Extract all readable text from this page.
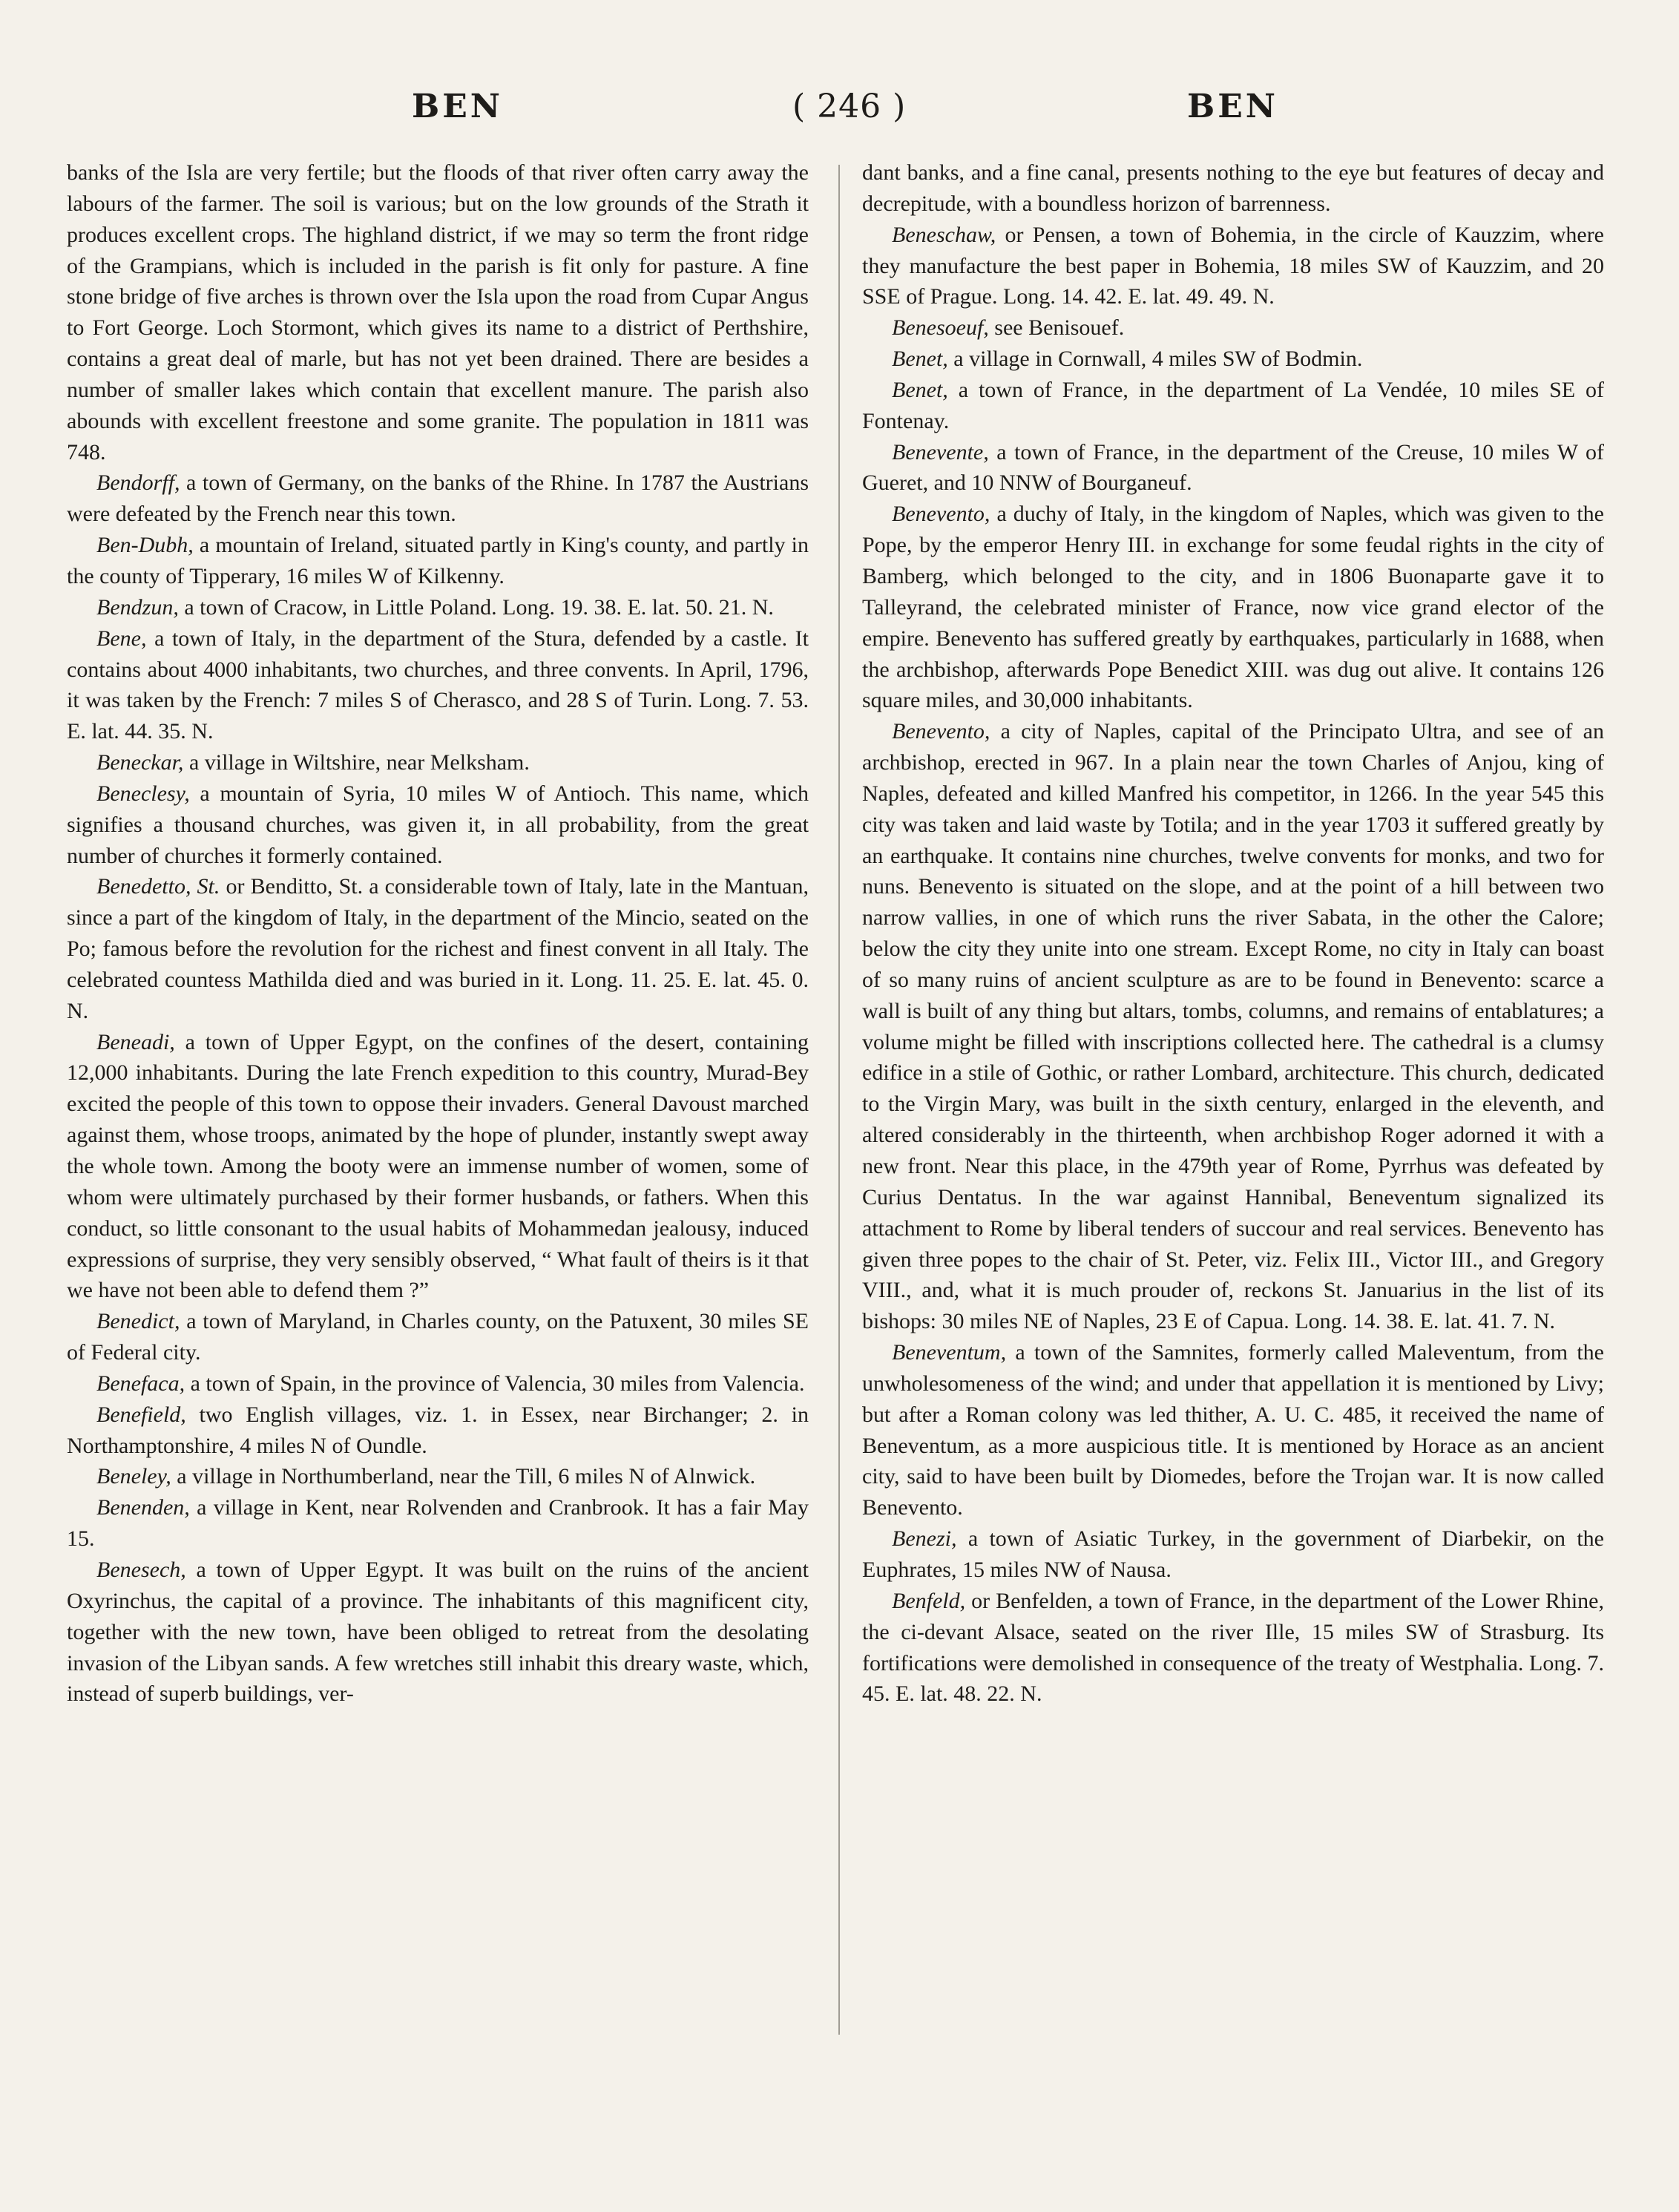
BEN	( 246 )	BEN

banks of the Isla are very fertile; but the floods of that river often carry away the labours of the farmer. The soil is various; but on the low grounds of the Strath it produces excellent crops. The highland district, if we may so term the front ridge of the Grampians, which is included in the parish is fit only for pasture. A fine stone bridge of five arches is thrown over the Isla upon the road from Cupar Angus to Fort George. Loch Stormont, which gives its name to a district of Perthshire, contains a great deal of marle, but has not yet been drained. There are besides a number of smaller lakes which contain that excellent manure. The parish also abounds with excellent freestone and some granite. The population in 1811 was 748.

Bendorff, a town of Germany, on the banks of the Rhine. In 1787 the Austrians were defeated by the French near this town.

Ben-Dubh, a mountain of Ireland, situated partly in King's county, and partly in the county of Tipperary, 16 miles W of Kilkenny.

Bendzun, a town of Cracow, in Little Poland. Long. 19. 38. E. lat. 50. 21. N.

Bene, a town of Italy, in the department of the Stura, defended by a castle. It contains about 4000 inhabitants, two churches, and three convents. In April, 1796, it was taken by the French: 7 miles S of Cherasco, and 28 S of Turin. Long. 7. 53. E. lat. 44. 35. N.

Beneckar, a village in Wiltshire, near Melksham.

Beneclesy, a mountain of Syria, 10 miles W of Antioch. This name, which signifies a thousand churches, was given it, in all probability, from the great number of churches it formerly contained.

Benedetto, St. or Benditto, St. a considerable town of Italy, late in the Mantuan, since a part of the kingdom of Italy, in the department of the Mincio, seated on the Po; famous before the revolution for the richest and finest convent in all Italy. The celebrated countess Mathilda died and was buried in it. Long. 11. 25. E. lat. 45. 0. N.

Beneadi, a town of Upper Egypt, on the confines of the desert, containing 12,000 inhabitants. During the late French expedition to this country, Murad-Bey excited the people of this town to oppose their invaders. General Davoust marched against them, whose troops, animated by the hope of plunder, instantly swept away the whole town. Among the booty were an immense number of women, some of whom were ultimately purchased by their former husbands, or fathers. When this conduct, so little consonant to the usual habits of Mohammedan jealousy, induced expressions of surprise, they very sensibly observed, “ What fault of theirs is it that we have not been able to defend them ?”

Benedict, a town of Maryland, in Charles county, on the Patuxent, 30 miles SE of Federal city.

Benefaca, a town of Spain, in the province of Valencia, 30 miles from Valencia.

Benefield, two English villages, viz. 1. in Essex, near Birchanger; 2. in Northamptonshire, 4 miles N of Oundle.

Beneley, a village in Northumberland, near the Till, 6 miles N of Alnwick.

Benenden, a village in Kent, near Rolvenden and Cranbrook. It has a fair May 15.

Benesech, a town of Upper Egypt. It was built on the ruins of the ancient Oxyrinchus, the capital of a province. The inhabitants of this magnificent city, together with the new town, have been obliged to retreat from the desolating invasion of the Libyan sands. A few wretches still inhabit this dreary waste, which, instead of superb buildings, ver-

dant banks, and a fine canal, presents nothing to the eye but features of decay and decrepitude, with a boundless horizon of barrenness.

Beneschaw, or Pensen, a town of Bohemia, in the circle of Kauzzim, where they manufacture the best paper in Bohemia, 18 miles SW of Kauzzim, and 20 SSE of Prague. Long. 14. 42. E. lat. 49. 49. N.

Benesoeuf, see Benisouef.

Benet, a village in Cornwall, 4 miles SW of Bodmin.

Benet, a town of France, in the department of La Vendée, 10 miles SE of Fontenay.

Benevente, a town of France, in the department of the Creuse, 10 miles W of Gueret, and 10 NNW of Bourganeuf.

Benevento, a duchy of Italy, in the kingdom of Naples, which was given to the Pope, by the emperor Henry III. in exchange for some feudal rights in the city of Bamberg, which belonged to the city, and in 1806 Buonaparte gave it to Talleyrand, the celebrated minister of France, now vice grand elector of the empire. Benevento has suffered greatly by earthquakes, particularly in 1688, when the archbishop, afterwards Pope Benedict XIII. was dug out alive. It contains 126 square miles, and 30,000 inhabitants.

Benevento, a city of Naples, capital of the Principato Ultra, and see of an archbishop, erected in 967. In a plain near the town Charles of Anjou, king of Naples, defeated and killed Manfred his competitor, in 1266. In the year 545 this city was taken and laid waste by Totila; and in the year 1703 it suffered greatly by an earthquake. It contains nine churches, twelve convents for monks, and two for nuns. Benevento is situated on the slope, and at the point of a hill between two narrow vallies, in one of which runs the river Sabata, in the other the Calore; below the city they unite into one stream. Except Rome, no city in Italy can boast of so many ruins of ancient sculpture as are to be found in Benevento: scarce a wall is built of any thing but altars, tombs, columns, and remains of entablatures; a volume might be filled with inscriptions collected here. The cathedral is a clumsy edifice in a stile of Gothic, or rather Lombard, architecture. This church, dedicated to the Virgin Mary, was built in the sixth century, enlarged in the eleventh, and altered considerably in the thirteenth, when archbishop Roger adorned it with a new front. Near this place, in the 479th year of Rome, Pyrrhus was defeated by Curius Dentatus. In the war against Hannibal, Beneventum signalized its attachment to Rome by liberal tenders of succour and real services. Benevento has given three popes to the chair of St. Peter, viz. Felix III., Victor III., and Gregory VIII., and, what it is much prouder of, reckons St. Januarius in the list of its bishops: 30 miles NE of Naples, 23 E of Capua. Long. 14. 38. E. lat. 41. 7. N.

Beneventum, a town of the Samnites, formerly called Maleventum, from the unwholesomeness of the wind; and under that appellation it is mentioned by Livy; but after a Roman colony was led thither, A. U. C. 485, it received the name of Beneventum, as a more auspicious title. It is mentioned by Horace as an ancient city, said to have been built by Diomedes, before the Trojan war. It is now called Benevento.

Benezi, a town of Asiatic Turkey, in the government of Diarbekir, on the Euphrates, 15 miles NW of Nausa.

Benfeld, or Benfelden, a town of France, in the department of the Lower Rhine, the ci-devant Alsace, seated on the river Ille, 15 miles SW of Strasburg. Its fortifications were demolished in consequence of the treaty of Westphalia. Long. 7. 45. E. lat. 48. 22. N.
